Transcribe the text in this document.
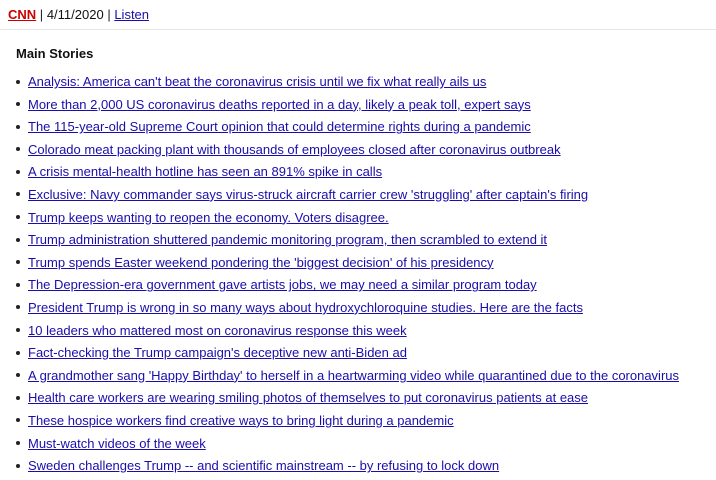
CNN | 4/11/2020 | Listen
Main Stories
Analysis: America can't beat the coronavirus crisis until we fix what really ails us
More than 2,000 US coronavirus deaths reported in a day, likely a peak toll, expert says
The 115-year-old Supreme Court opinion that could determine rights during a pandemic
Colorado meat packing plant with thousands of employees closed after coronavirus outbreak
A crisis mental-health hotline has seen an 891% spike in calls
Exclusive: Navy commander says virus-struck aircraft carrier crew 'struggling' after captain's firing
Trump keeps wanting to reopen the economy. Voters disagree.
Trump administration shuttered pandemic monitoring program, then scrambled to extend it
Trump spends Easter weekend pondering the 'biggest decision' of his presidency
The Depression-era government gave artists jobs, we may need a similar program today
President Trump is wrong in so many ways about hydroxychloroquine studies. Here are the facts
10 leaders who mattered most on coronavirus response this week
Fact-checking the Trump campaign's deceptive new anti-Biden ad
A grandmother sang 'Happy Birthday' to herself in a heartwarming video while quarantined due to the coronavirus
Health care workers are wearing smiling photos of themselves to put coronavirus patients at ease
These hospice workers find creative ways to bring light during a pandemic
Must-watch videos of the week
Sweden challenges Trump -- and scientific mainstream -- by refusing to lock down
